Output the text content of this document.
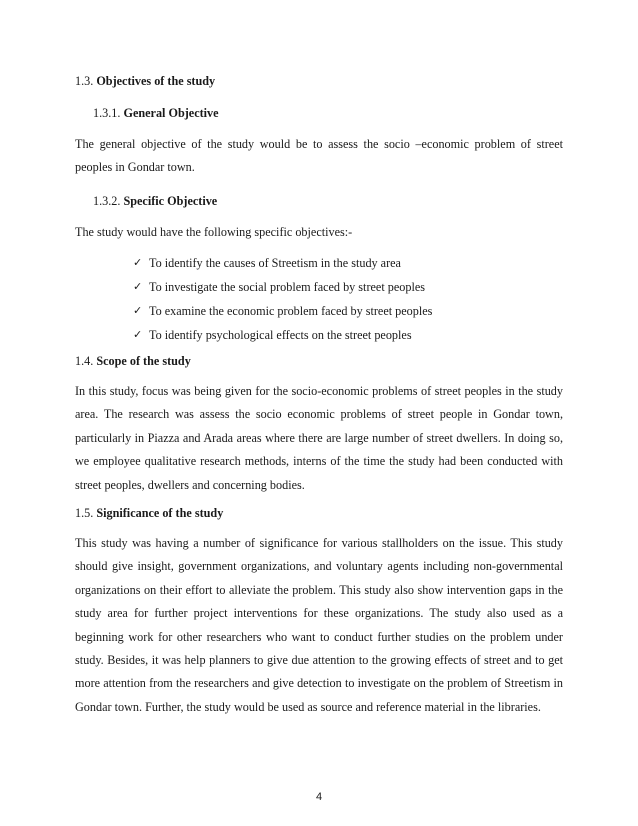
1.3. Objectives of the study
1.3.1. General Objective
The general objective of the study would be to assess the socio –economic problem of street peoples in Gondar town.
1.3.2. Specific Objective
The study would have the following specific objectives:-
✓ To identify the causes of Streetism in the study area
✓ To investigate the social problem faced by street peoples
✓ To examine the economic problem faced by street peoples
✓ To identify psychological effects on the street peoples
1.4. Scope of the study
In this study, focus was being given for the socio-economic problems of street peoples in the study area. The research was assess the socio economic problems of street people in Gondar town, particularly in Piazza and Arada areas where there are large number of street dwellers. In doing so, we employee qualitative research methods, interns of the time the study had been conducted with street peoples, dwellers and concerning bodies.
1.5. Significance of the study
This study was having a number of significance for various stallholders on the issue. This study should give insight, government organizations, and voluntary agents including non-governmental organizations on their effort to alleviate the problem. This study also show intervention gaps in the study area for further project interventions for these organizations. The study also used as a beginning work for other researchers who want to conduct further studies on the problem under study. Besides, it was help planners to give due attention to the growing effects of street and to get more attention from the researchers and give detection to investigate on the problem of Streetism in Gondar town. Further, the study would be used as source and reference material in the libraries.
4
